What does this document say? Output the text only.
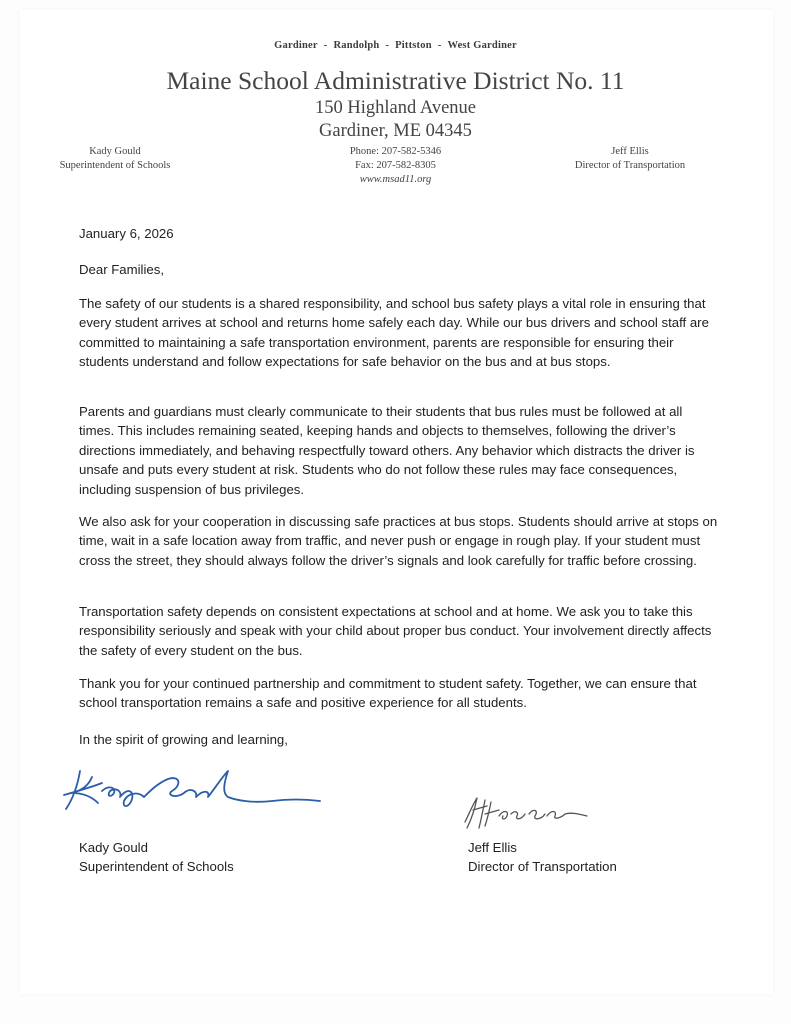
Gardiner - Randolph - Pittston - West Gardiner
Maine School Administrative District No. 11
150 Highland Avenue
Gardiner, ME 04345
Kady Gould
Superintendent of Schools
Phone: 207-582-5346
Fax: 207-582-8305
www.msad11.org
Jeff Ellis
Director of Transportation

January 6, 2026

Dear Families,

The safety of our students is a shared responsibility, and school bus safety plays a vital role in ensuring that every student arrives at school and returns home safely each day. While our bus drivers and school staff are committed to maintaining a safe transportation environment, parents are responsible for ensuring their students understand and follow expectations for safe behavior on the bus and at bus stops.

Parents and guardians must clearly communicate to their students that bus rules must be followed at all times. This includes remaining seated, keeping hands and objects to themselves, following the driver’s directions immediately, and behaving respectfully toward others. Any behavior which distracts the driver is unsafe and puts every student at risk. Students who do not follow these rules may face consequences, including suspension of bus privileges.

We also ask for your cooperation in discussing safe practices at bus stops. Students should arrive at stops on time, wait in a safe location away from traffic, and never push or engage in rough play. If your student must cross the street, they should always follow the driver’s signals and look carefully for traffic before crossing.

Transportation safety depends on consistent expectations at school and at home. We ask you to take this responsibility seriously and speak with your child about proper bus conduct. Your involvement directly affects the safety of every student on the bus.

Thank you for your continued partnership and commitment to student safety. Together, we can ensure that school transportation remains a safe and positive experience for all students.

In the spirit of growing and learning,

Kady Gould
Superintendent of Schools
Jeff Ellis
Director of Transportation
